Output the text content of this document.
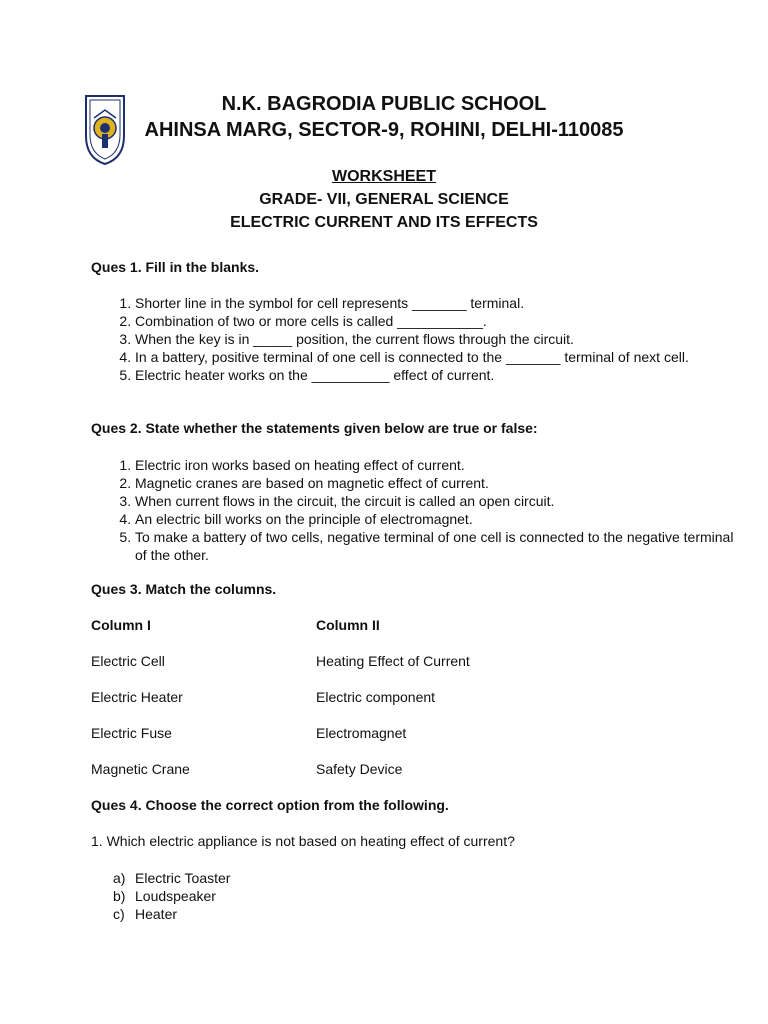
N.K. BAGRODIA PUBLIC SCHOOL
AHINSA MARG, SECTOR-9, ROHINI, DELHI-110085
WORKSHEET
GRADE- VII, GENERAL SCIENCE
ELECTRIC CURRENT AND ITS EFFECTS
Ques 1. Fill in the blanks.
1. Shorter line in the symbol for cell represents _______ terminal.
2. Combination of two or more cells is called ___________.
3. When the key is in _____ position, the current flows through the circuit.
4. In a battery, positive terminal of one cell is connected to the _______ terminal of next cell.
5. Electric heater works on the __________ effect of current.
Ques 2. State whether the statements given below are true or false:
1. Electric iron works based on heating effect of current.
2. Magnetic cranes are based on magnetic effect of current.
3. When current flows in the circuit, the circuit is called an open circuit.
4. An electric bill works on the principle of electromagnet.
5. To make a battery of two cells, negative terminal of one cell is connected to the negative terminal of the other.
Ques 3. Match the columns.
Column I	Column II
Electric Cell	Heating Effect of Current
Electric Heater	Electric component
Electric Fuse	Electromagnet
Magnetic Crane	Safety Device
Ques 4. Choose the correct option from the following.
1. Which electric appliance is not based on heating effect of current?
a) Electric Toaster
b) Loudspeaker
c) Heater
